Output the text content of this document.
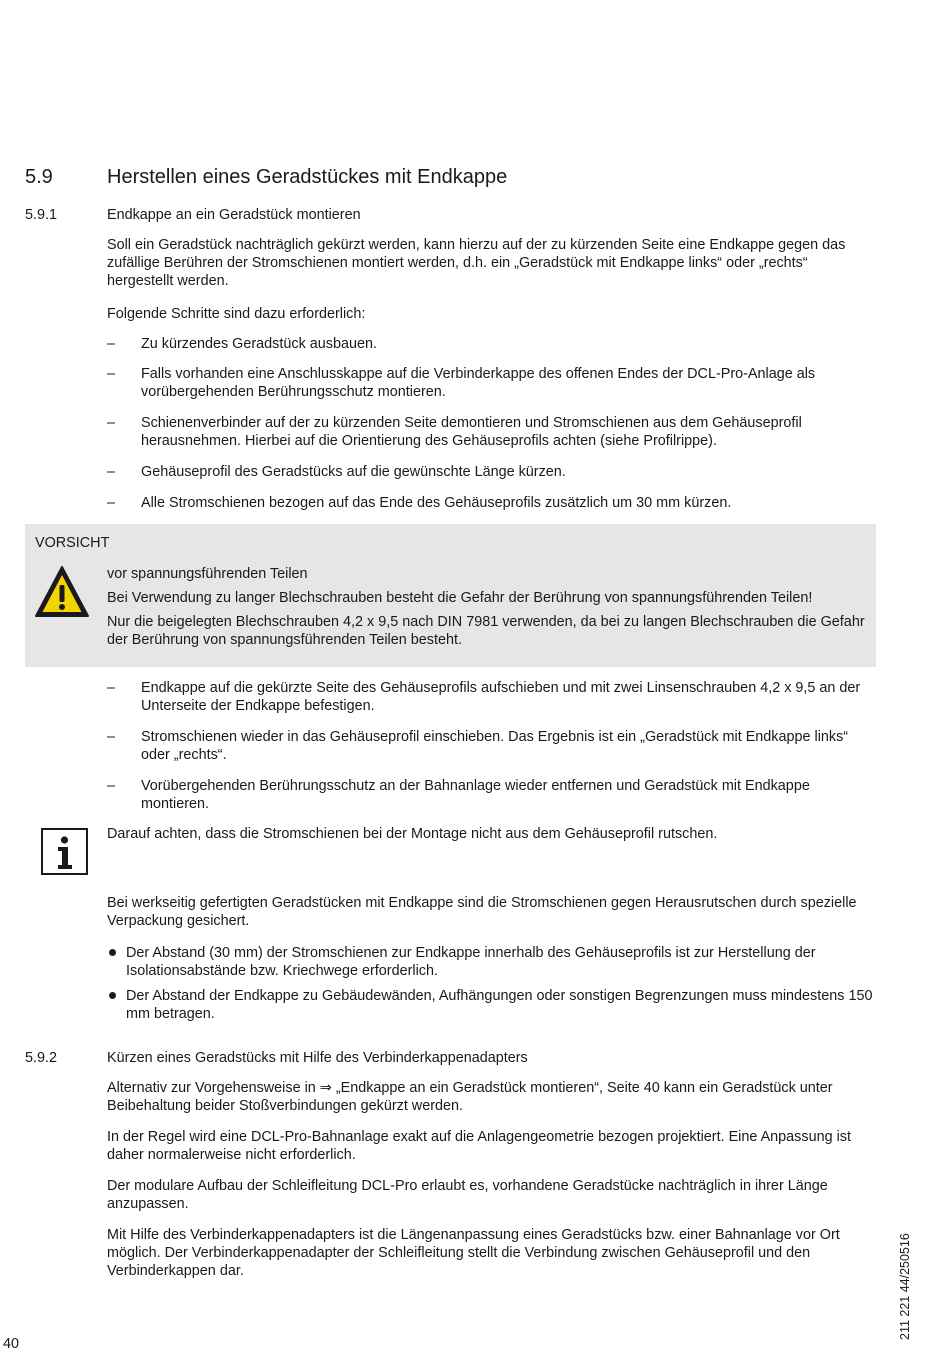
5.9	Herstellen eines Geradstückes mit Endkappe
5.9.1	Endkappe an ein Geradstück montieren

Soll ein Geradstück nachträglich gekürzt werden, kann hierzu auf der zu kürzenden Seite eine Endkappe gegen das zufällige Berühren der Stromschienen montiert werden, d.h. ein „Geradstück mit Endkappe links“ oder „rechts“ hergestellt werden.

Folgende Schritte sind dazu erforderlich:

– Zu kürzendes Geradstück ausbauen.
– Falls vorhanden eine Anschlusskappe auf die Verbinderkappe des offenen Endes der DCL-Pro-Anlage als vorübergehenden Berührungsschutz montieren.
– Schienenverbinder auf der zu kürzenden Seite demontieren und Stromschienen aus dem Gehäuseprofil herausnehmen. Hierbei auf die Orientierung des Gehäuseprofils achten (siehe Profilrippe).
– Gehäuseprofil des Geradstücks auf die gewünschte Länge kürzen.
– Alle Stromschienen bezogen auf das Ende des Gehäuseprofils zusätzlich um 30 mm kürzen.
VORSICHT
vor spannungsführenden Teilen
Bei Verwendung zu langer Blechschrauben besteht die Gefahr der Berührung von spannungsführenden Teilen!
Nur die beigelegten Blechschrauben 4,2 x 9,5 nach DIN 7981 verwenden, da bei zu langen Blechschrauben die Gefahr der Berührung von spannungsführenden Teilen besteht.
– Endkappe auf die gekürzte Seite des Gehäuseprofils aufschieben und mit zwei Linsenschrauben 4,2 x 9,5 an der Unterseite der Endkappe befestigen.
– Stromschienen wieder in das Gehäuseprofil einschieben. Das Ergebnis ist ein „Geradstück mit Endkappe links“ oder „rechts“.
– Vorübergehenden Berührungsschutz an der Bahnanlage wieder entfernen und Geradstück mit Endkappe montieren.

Darauf achten, dass die Stromschienen bei der Montage nicht aus dem Gehäuseprofil rutschen.

Bei werkseitig gefertigten Geradstücken mit Endkappe sind die Stromschienen gegen Herausrutschen durch spezielle Verpackung gesichert.

Der Abstand (30 mm) der Stromschienen zur Endkappe innerhalb des Gehäuseprofils ist zur Herstellung der Isolationsabstände bzw. Kriechwege erforderlich.
Der Abstand der Endkappe zu Gebäudewänden, Aufhängungen oder sonstigen Begrenzungen muss mindestens 150 mm betragen.
5.9.2	Kürzen eines Geradstücks mit Hilfe des Verbinderkappenadapters

Alternativ zur Vorgehensweise in ⇒ „Endkappe an ein Geradstück montieren“, Seite 40 kann ein Geradstück unter Beibehaltung beider Stoßverbindungen gekürzt werden.

In der Regel wird eine DCL-Pro-Bahnanlage exakt auf die Anlagengeometrie bezogen projektiert. Eine Anpassung ist daher normalerweise nicht erforderlich.

Der modulare Aufbau der Schleifleitung DCL-Pro erlaubt es, vorhandene Geradstücke nachträglich in ihrer Länge anzupassen.

Mit Hilfe des Verbinderkappenadapters ist die Längenanpassung eines Geradstücks bzw. einer Bahnanlage vor Ort möglich. Der Verbinderkappenadapter der Schleifleitung stellt die Verbindung zwischen Gehäuseprofil und den Verbinderkappen dar.

40
211 221 44/250516
